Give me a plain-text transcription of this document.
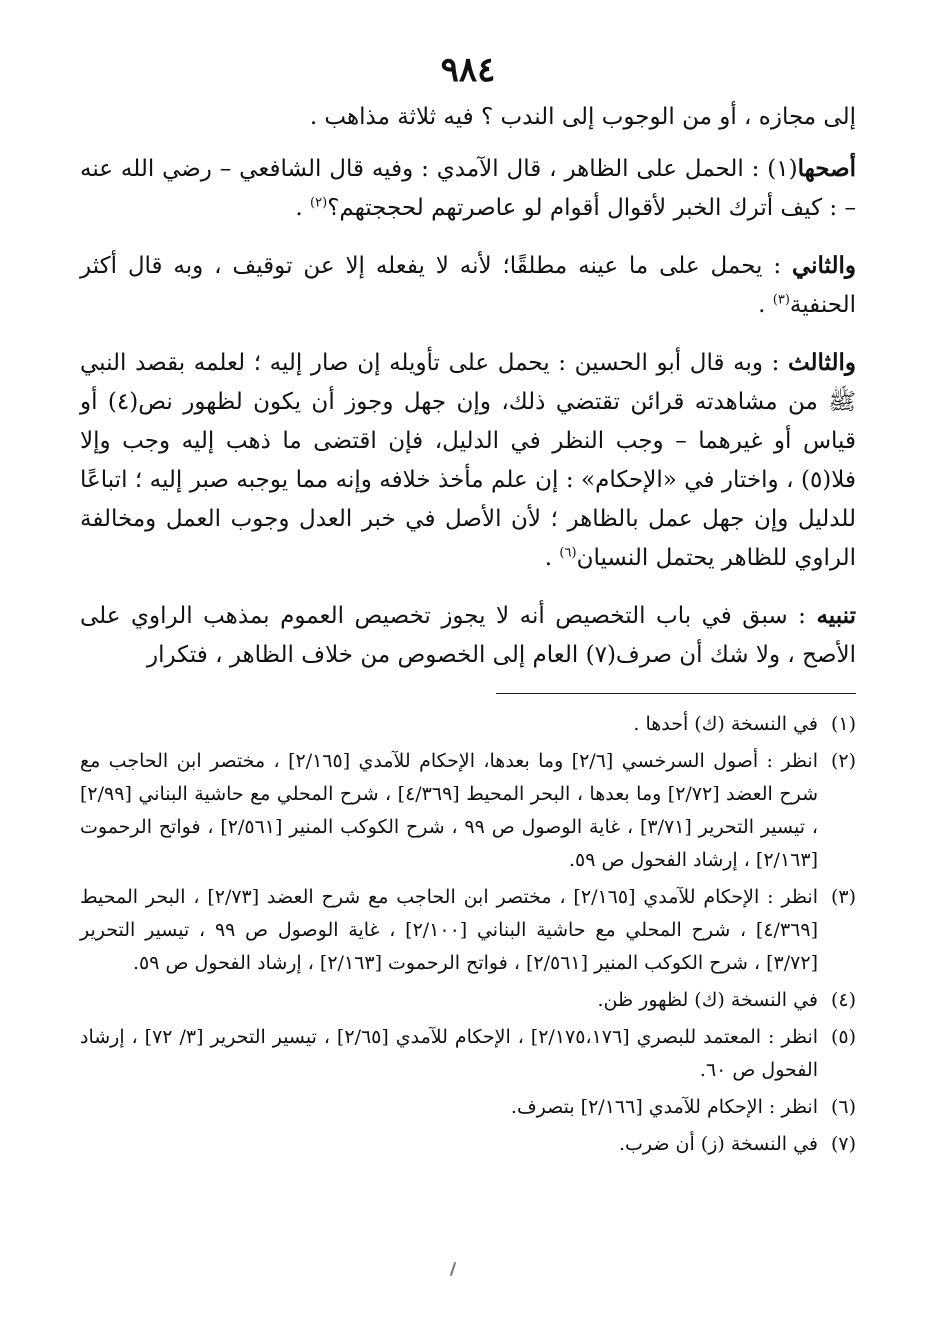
٩٨٤

إلى مجازه ، أو من الوجوب إلى الندب ؟ فيه ثلاثة مذاهب .

أصحها(١) : الحمل على الظاهر ، قال الآمدي : وفيه قال الشافعي – رضي الله عنه – : كيف أترك الخبر لأقوال أقوام لو عاصرتهم لحججتهم؟$^{(٢)}$ .

والثاني : يحمل على ما عينه مطلقًا؛ لأنه لا يفعله إلا عن توقيف ، وبه قال أكثر الحنفية$^{(٣)}$ .

والثالث : وبه قال أبو الحسين : يحمل على تأويله إن صار إليه ؛ لعلمه بقصد النبي ﷺ من مشاهدته قرائن تقتضي ذلك، وإن جهل وجوز أن يكون لظهور نص(٤) أو قياس أو غيرهما – وجب النظر في الدليل، فإن اقتضى ما ذهب إليه وجب وإلا فلا(٥) ، واختار في «الإحكام» : إن علم مأخذ خلافه وإنه مما يوجبه صبر إليه ؛ اتباعًا للدليل وإن جهل عمل بالظاهر ؛ لأن الأصل في خبر العدل وجوب العمل ومخالفة الراوي للظاهر يحتمل النسيان$^{(٦)}$ .

تنبيه : سبق في باب التخصيص أنه لا يجوز تخصيص العموم بمذهب الراوي على الأصح ، ولا شك أن صرف(٧) العام إلى الخصوص من خلاف الظاهر ، فتكرار

(١)
في النسخة (ك) أحدها .
(٢)
انظر : أصول السرخسي [٢/٦] وما بعدها، الإحكام للآمدي [٢/١٦٥] ، مختصر ابن الحاجب مع شرح العضد [٢/٧٢] وما بعدها ، البحر المحيط [٤/٣٦٩] ، شرح المحلي مع حاشية البناني [٢/٩٩] ، تيسير التحرير [٣/٧١] ، غاية الوصول ص ٩٩ ، شرح الكوكب المنير [٢/٥٦١] ، فواتح الرحموت [٢/١٦٣] ، إرشاد الفحول ص ٥٩.
(٣)
انظر : الإحكام للآمدي [٢/١٦٥] ، مختصر ابن الحاجب مع شرح العضد [٢/٧٣] ، البحر المحيط [٤/٣٦٩] ، شرح المحلي مع حاشية البناني [٢/١٠٠] ، غاية الوصول ص ٩٩ ، تيسير التحرير [٣/٧٢] ، شرح الكوكب المنير [٢/٥٦١] ، فواتح الرحموت [٢/١٦٣] ، إرشاد الفحول ص ٥٩.
(٤)
في النسخة (ك) لظهور ظن.
(٥)
انظر : المعتمد للبصري [٢/١٧٥،١٧٦] ، الإحكام للآمدي [٢/٦٥] ، تيسير التحرير [٣/ ٧٢] ، إرشاد الفحول ص ٦٠.
(٦)
انظر : الإحكام للآمدي [٢/١٦٦] بتصرف.
(٧)
في النسخة (ز) أن ضرب.
